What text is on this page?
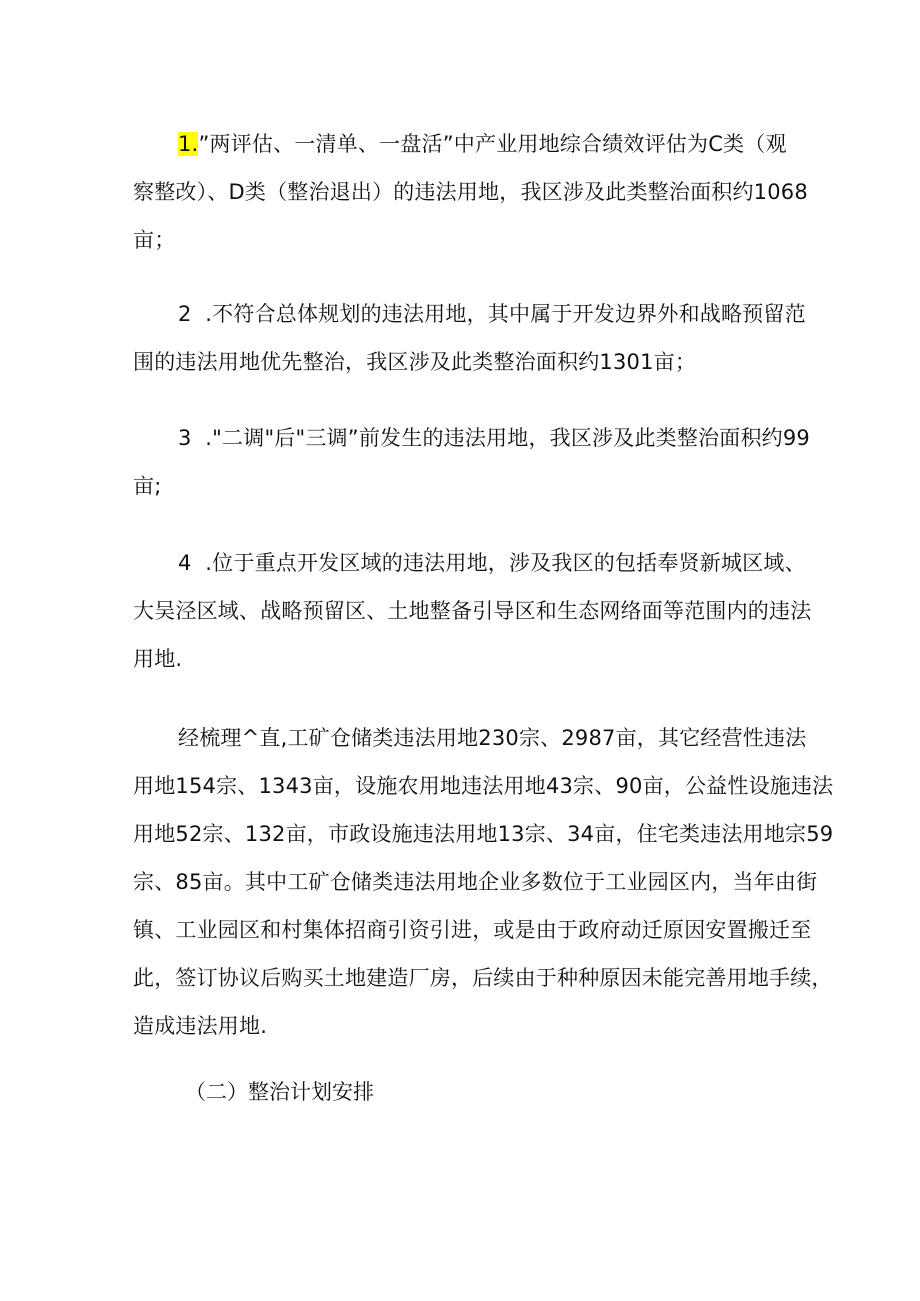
1.”两评估、一清单、一盘活”中产业用地综合绩效评估为C类（观
察整改）、D类（整治退出）的违法用地，我区涉及此类整治面积约1068
亩；
2  .不符合总体规划的违法用地，其中属于开发边界外和战略预留范
围的违法用地优先整治，我区涉及此类整治面积约1301亩；
3  ."二调"后"三调”前发生的违法用地，我区涉及此类整治面积约99
亩;
4  .位于重点开发区域的违法用地，涉及我区的包括奉贤新城区域、
大吴泾区域、战略预留区、土地整备引导区和生态网络面等范围内的违法
用地.
经梳理^直,工矿仓储类违法用地230宗、2987亩，其它经营性违法
用地154宗、1343亩，设施农用地违法用地43宗、90亩，公益性设施违法
用地52宗、132亩，市政设施违法用地13宗、34亩，住宅类违法用地宗59
宗、85亩。其中工矿仓储类违法用地企业多数位于工业园区内，当年由街
镇、工业园区和村集体招商引资引进，或是由于政府动迁原因安置搬迁至
此，签订协议后购买土地建造厂房，后续由于种种原因未能完善用地手续，
造成违法用地.
（二）整治计划安排
